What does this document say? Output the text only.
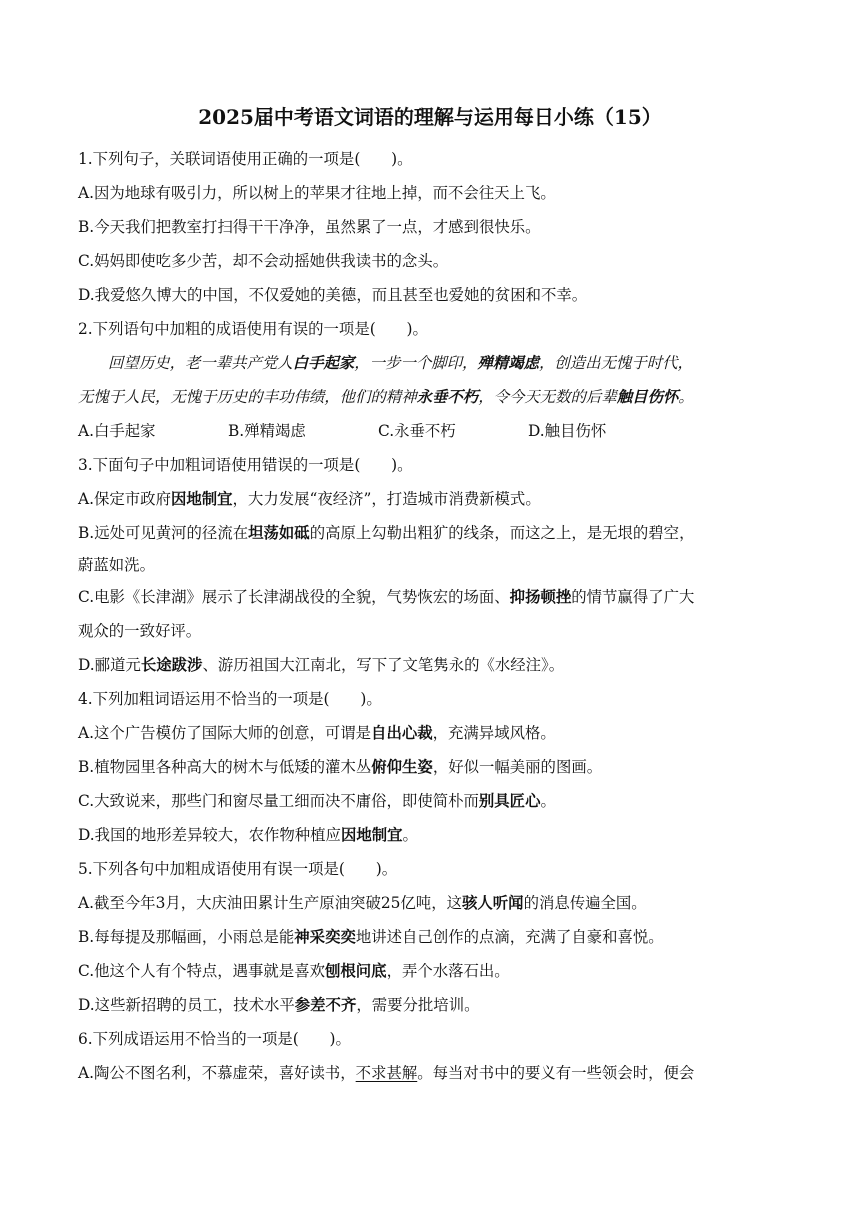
2025届中考语文词语的理解与运用每日小练（15）
1.下列句子，关联词语使用正确的一项是(　　)。
A.因为地球有吸引力，所以树上的苹果才往地上掉，而不会往天上飞。
B.今天我们把教室打扫得干干净净，虽然累了一点，才感到很快乐。
C.妈妈即使吃多少苦，却不会动摇她供我读书的念头。
D.我爱悠久博大的中国，不仅爱她的美德，而且甚至也爱她的贫困和不幸。
2.下列语句中加粗的成语使用有误的一项是(　　)。
回望历史，老一辈共产党人白手起家，一步一个脚印，殚精竭虑，创造出无愧于时代，
无愧于人民，无愧于历史的丰功伟绩，他们的精神永垂不朽，令今天无数的后辈触目伤怀。
A.白手起家	B.殚精竭虑	C.永垂不朽	D.触目伤怀
3.下面句子中加粗词语使用错误的一项是(　　)。
A.保定市政府因地制宜，大力发展“夜经济”，打造城市消费新模式。
B.远处可见黄河的径流在坦荡如砥的高原上勾勒出粗犷的线条，而这之上，是无垠的碧空，
蔚蓝如洗。
C.电影《长津湖》展示了长津湖战役的全貌，气势恢宏的场面、抑扬顿挫的情节赢得了广大
观众的一致好评。
D.郦道元长途跋涉、游历祖国大江南北，写下了文笔隽永的《水经注》。
4.下列加粗词语运用不恰当的一项是(　　)。
A.这个广告模仿了国际大师的创意，可谓是自出心裁，充满异域风格。
B.植物园里各种高大的树木与低矮的灌木丛俯仰生姿，好似一幅美丽的图画。
C.大致说来，那些门和窗尽量工细而决不庸俗，即使简朴而别具匠心。
D.我国的地形差异较大，农作物种植应因地制宜。
5.下列各句中加粗成语使用有误一项是(　　)。
A.截至今年3月，大庆油田累计生产原油突破25亿吨，这骇人听闻的消息传遍全国。
B.每每提及那幅画，小雨总是能神采奕奕地讲述自己创作的点滴，充满了自豪和喜悦。
C.他这个人有个特点，遇事就是喜欢刨根问底，弄个水落石出。
D.这些新招聘的员工，技术水平参差不齐，需要分批培训。
6.下列成语运用不恰当的一项是(　　)。
A.陶公不图名利，不慕虚荣，喜好读书，不求甚解。每当对书中的要义有一些领会时，便会
